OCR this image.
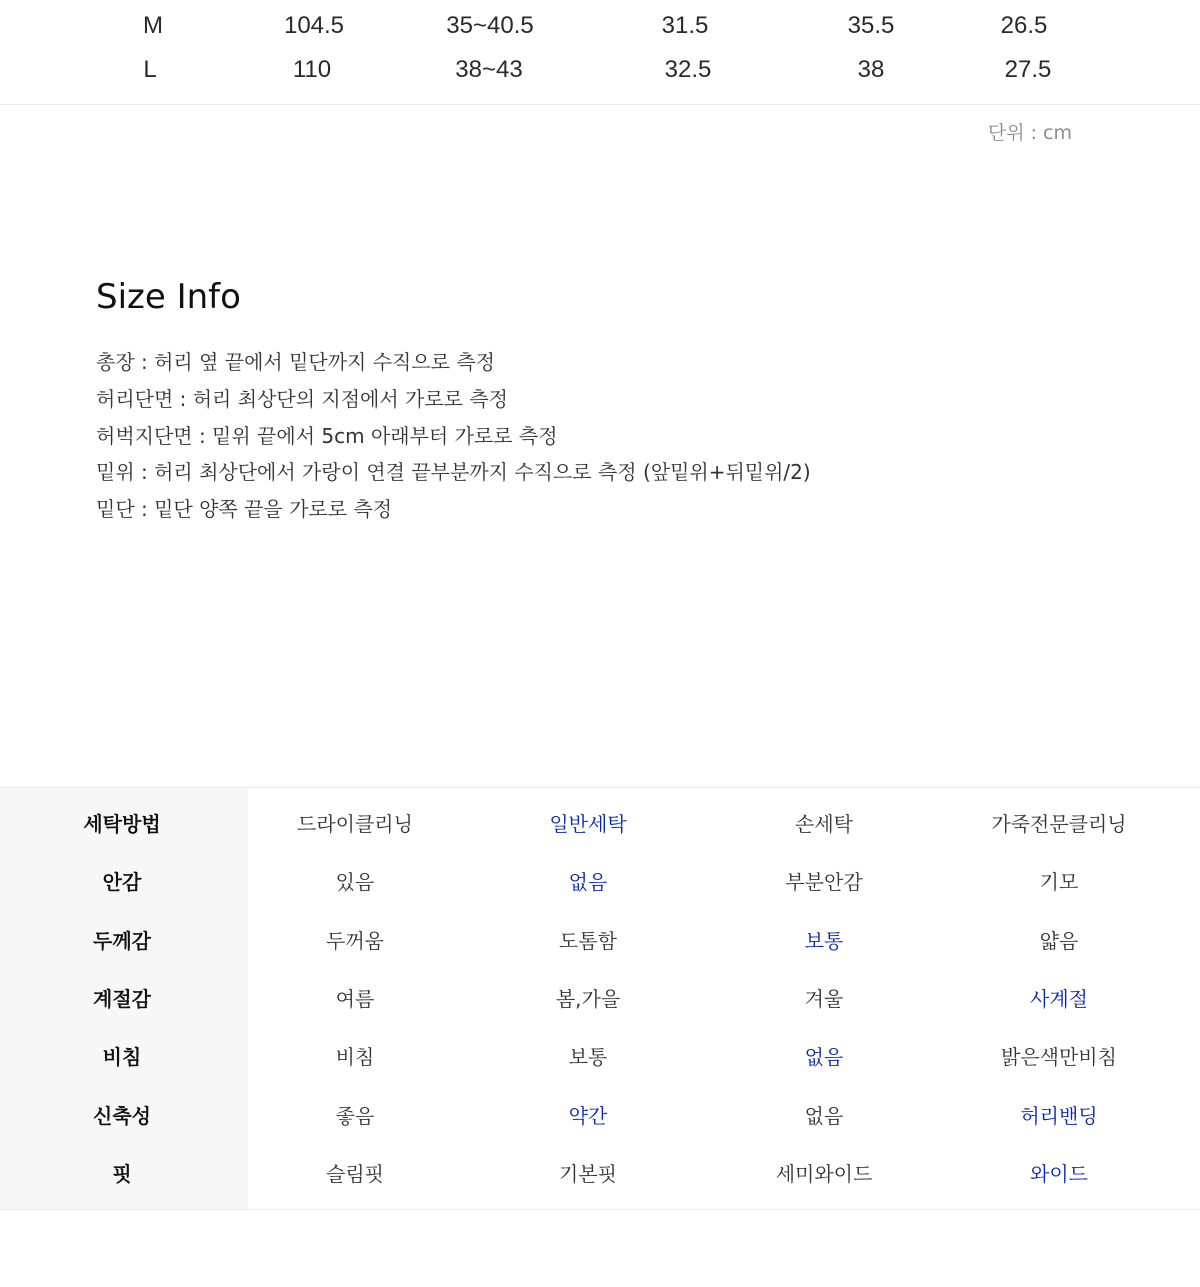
M	104.5	35~40.5	31.5	35.5	26.5
L	110	38~43	32.5	38	27.5
단위 : cm
Size Info
총장 : 허리 옆 끝에서 밑단까지 수직으로 측정
허리단면 : 허리 최상단의 지점에서 가로로 측정
허벅지단면 : 밑위 끝에서 5cm 아래부터 가로로 측정
밑위 : 허리 최상단에서 가랑이 연결 끝부분까지 수직으로 측정 (앞밑위+뒤밑위/2)
밑단 : 밑단 양쪽 끝을 가로로 측정
세탁방법	드라이클리닝	일반세탁	손세탁	가죽전문클리닝
안감	있음	없음	부분안감	기모
두께감	두꺼움	도톰함	보통	얇음
계절감	여름	봄,가을	겨울	사계절
비침	비침	보통	없음	밝은색만비침
신축성	좋음	약간	없음	허리밴딩
핏	슬림핏	기본핏	세미와이드	와이드
